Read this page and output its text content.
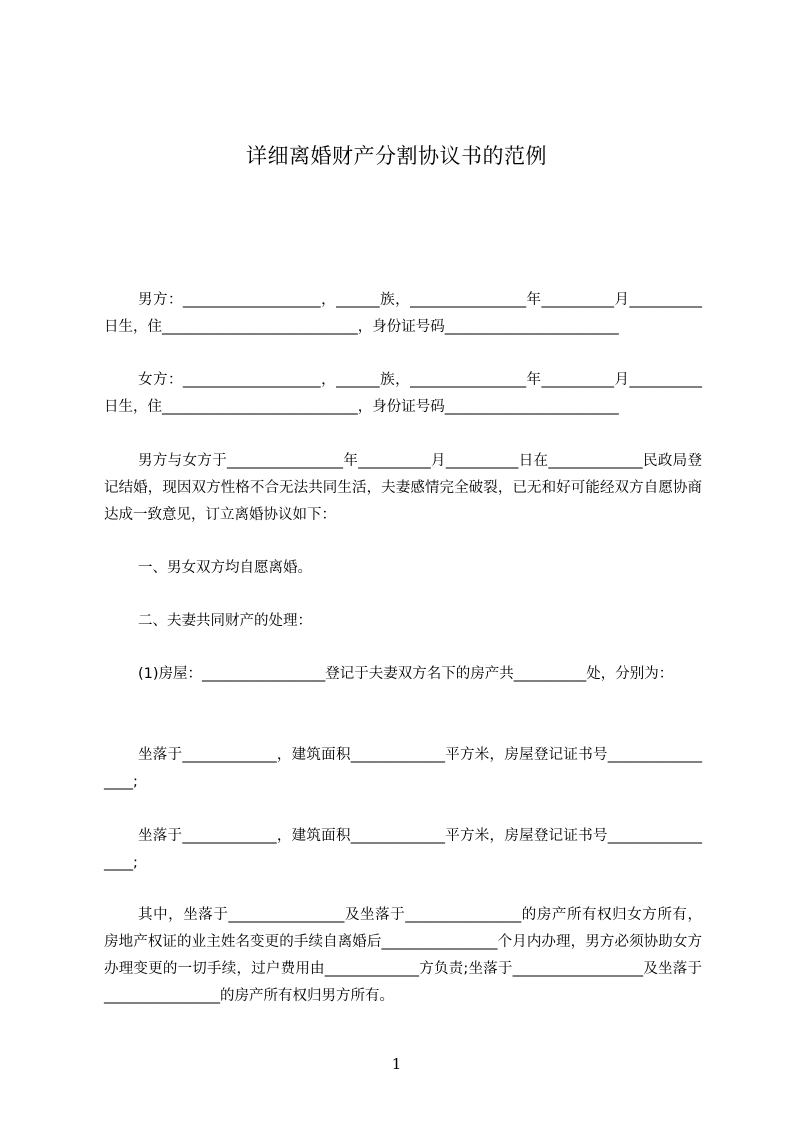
详细离婚财产分割协议书的范例
男方：___________________，______族，________________年__________月__________日生，住___________________________，身份证号码________________________
女方：___________________，______族，________________年__________月__________日生，住___________________________，身份证号码________________________
男方与女方于________________年__________月__________日在_____________民政局登记结婚，现因双方性格不合无法共同生活，夫妻感情完全破裂，已无和好可能经双方自愿协商达成一致意见，订立离婚协议如下：
一、男女双方均自愿离婚。
二、夫妻共同财产的处理：
(1)房屋：_________________登记于夫妻双方名下的房产共__________处，分别为：
坐落于_____________，建筑面积_____________平方米，房屋登记证书号_________________;
坐落于_____________，建筑面积_____________平方米，房屋登记证书号_________________;
其中，坐落于________________及坐落于________________的房产所有权归女方所有，房地产权证的业主姓名变更的手续自离婚后________________个月内办理，男方必须协助女方办理变更的一切手续，过户费用由_____________方负责;坐落于__________________及坐落于________________的房产所有权归男方所有。
1
